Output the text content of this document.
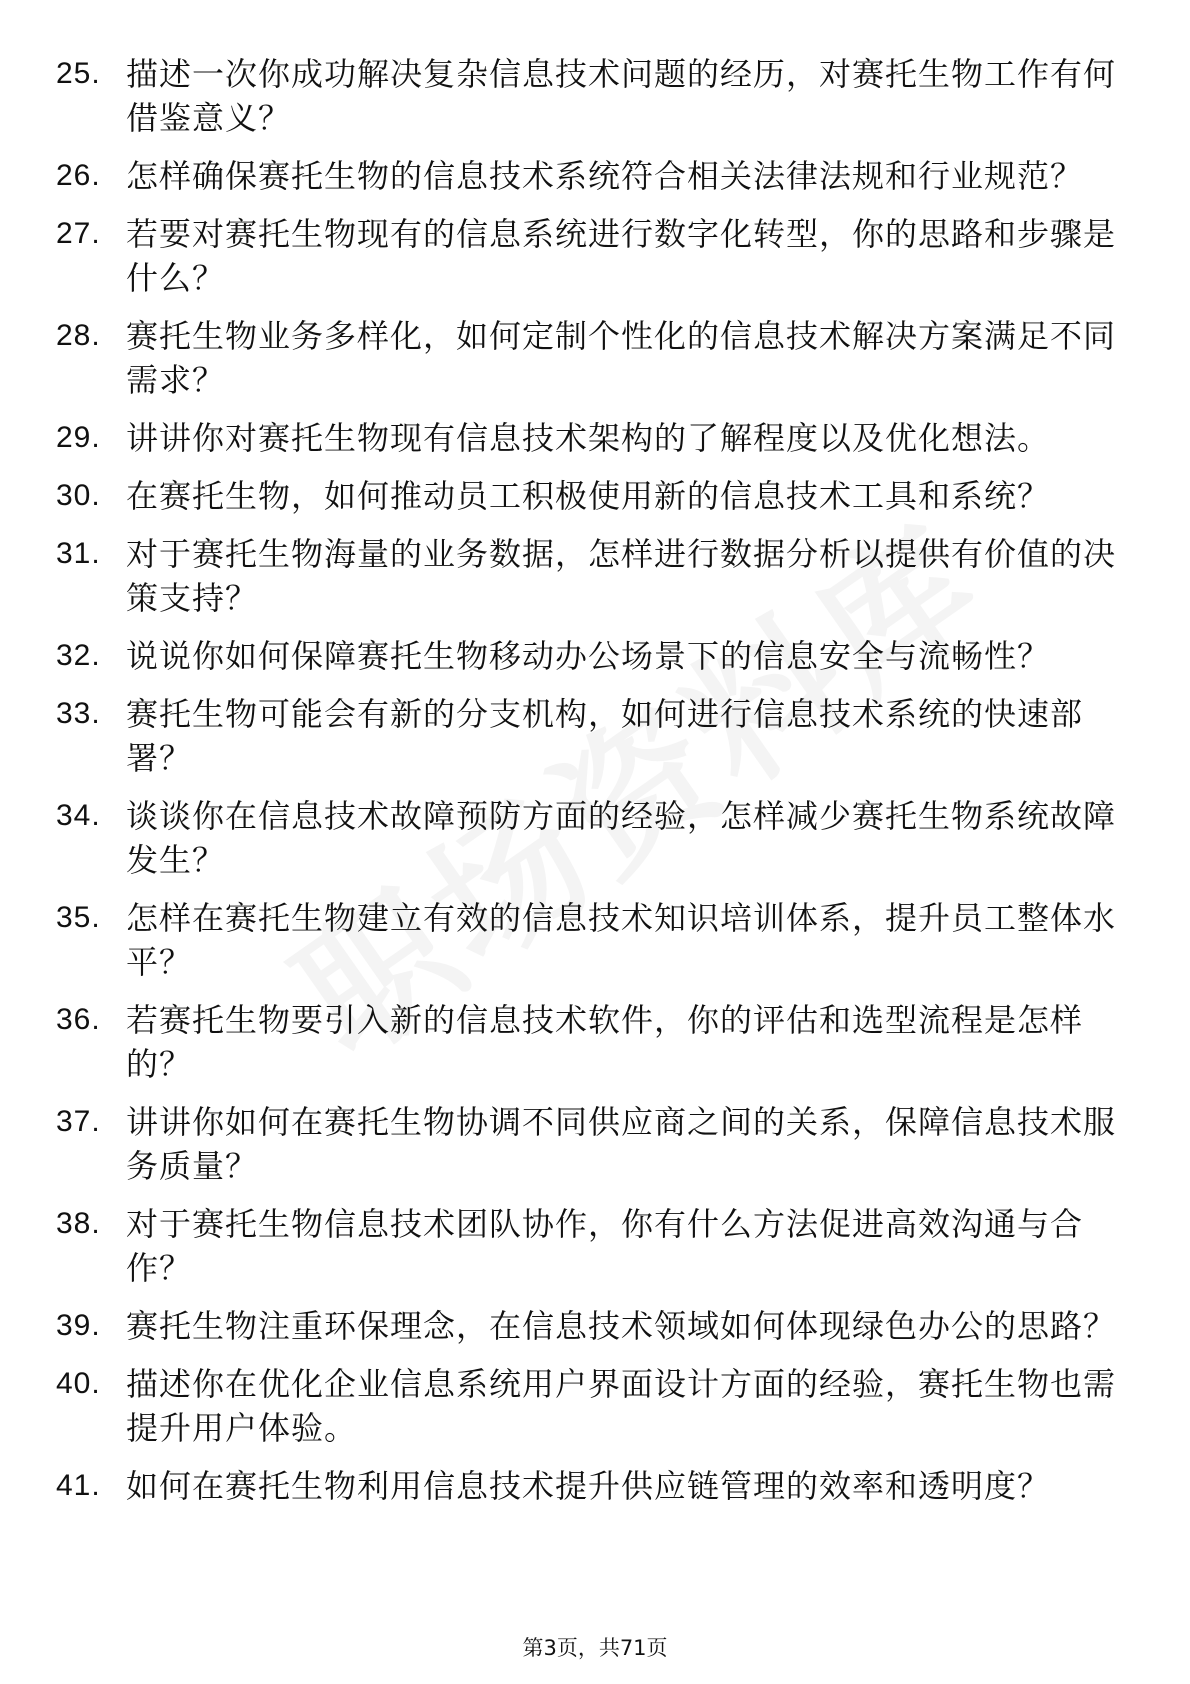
25. 描述一次你成功解决复杂信息技术问题的经历，对赛托生物工作有何借鉴意义？
26. 怎样确保赛托生物的信息技术系统符合相关法律法规和行业规范？
27. 若要对赛托生物现有的信息系统进行数字化转型，你的思路和步骤是什么？
28. 赛托生物业务多样化，如何定制个性化的信息技术解决方案满足不同需求？
29. 讲讲你对赛托生物现有信息技术架构的了解程度以及优化想法。
30. 在赛托生物，如何推动员工积极使用新的信息技术工具和系统？
31. 对于赛托生物海量的业务数据，怎样进行数据分析以提供有价值的决策支持？
32. 说说你如何保障赛托生物移动办公场景下的信息安全与流畅性？
33. 赛托生物可能会有新的分支机构，如何进行信息技术系统的快速部署？
34. 谈谈你在信息技术故障预防方面的经验，怎样减少赛托生物系统故障发生？
35. 怎样在赛托生物建立有效的信息技术知识培训体系，提升员工整体水平？
36. 若赛托生物要引入新的信息技术软件，你的评估和选型流程是怎样的？
37. 讲讲你如何在赛托生物协调不同供应商之间的关系，保障信息技术服务质量？
38. 对于赛托生物信息技术团队协作，你有什么方法促进高效沟通与合作？
39. 赛托生物注重环保理念，在信息技术领域如何体现绿色办公的思路？
40. 描述你在优化企业信息系统用户界面设计方面的经验，赛托生物也需提升用户体验。
41. 如何在赛托生物利用信息技术提升供应链管理的效率和透明度？
第3页，共71页
